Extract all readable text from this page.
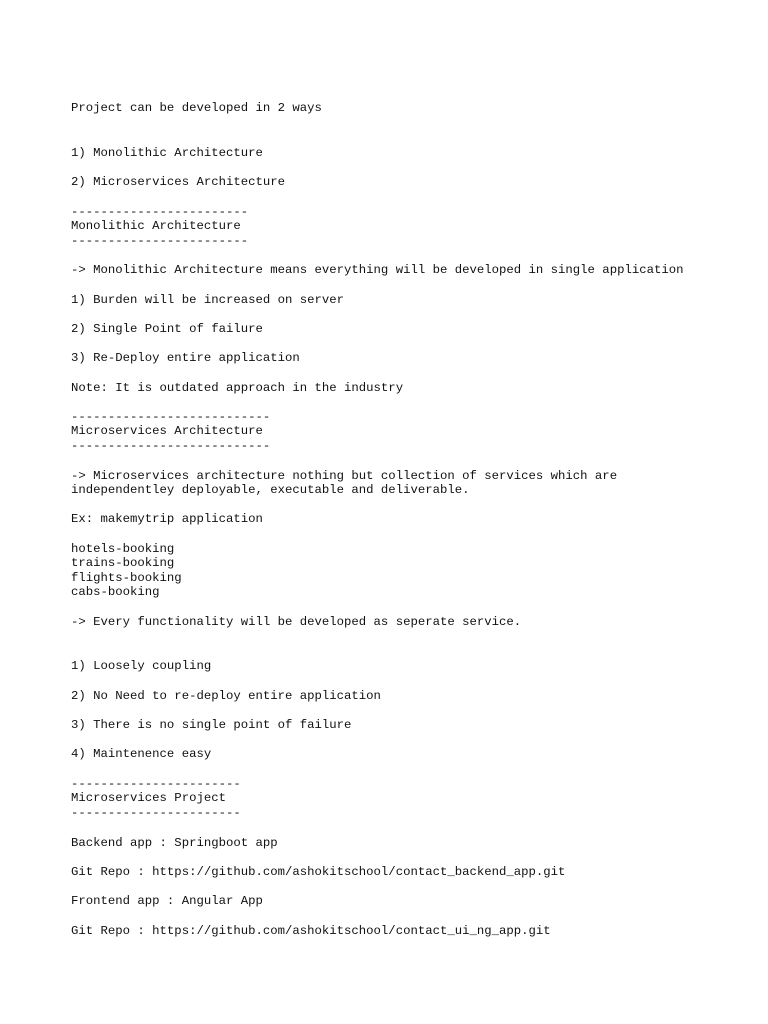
Project can be developed in 2 ways
1) Monolithic Architecture
2) Microservices Architecture
------------------------
Monolithic Architecture
------------------------
-> Monolithic Architecture means everything will be developed in single application
1) Burden will be increased on server
2) Single Point of failure
3) Re-Deploy entire application
Note: It is outdated approach in the industry
---------------------------
Microservices Architecture
---------------------------
-> Microservices architecture nothing but collection of services which are
independentley deployable, executable and deliverable.
Ex: makemytrip application
hotels-booking
trains-booking
flights-booking
cabs-booking
-> Every functionality will be developed as seperate service.
1) Loosely coupling
2) No Need to re-deploy entire application
3) There is no single point of failure
4) Maintenence easy
-----------------------
Microservices Project
-----------------------
Backend app : Springboot app
Git Repo : https://github.com/ashokitschool/contact_backend_app.git
Frontend app : Angular App
Git Repo : https://github.com/ashokitschool/contact_ui_ng_app.git
